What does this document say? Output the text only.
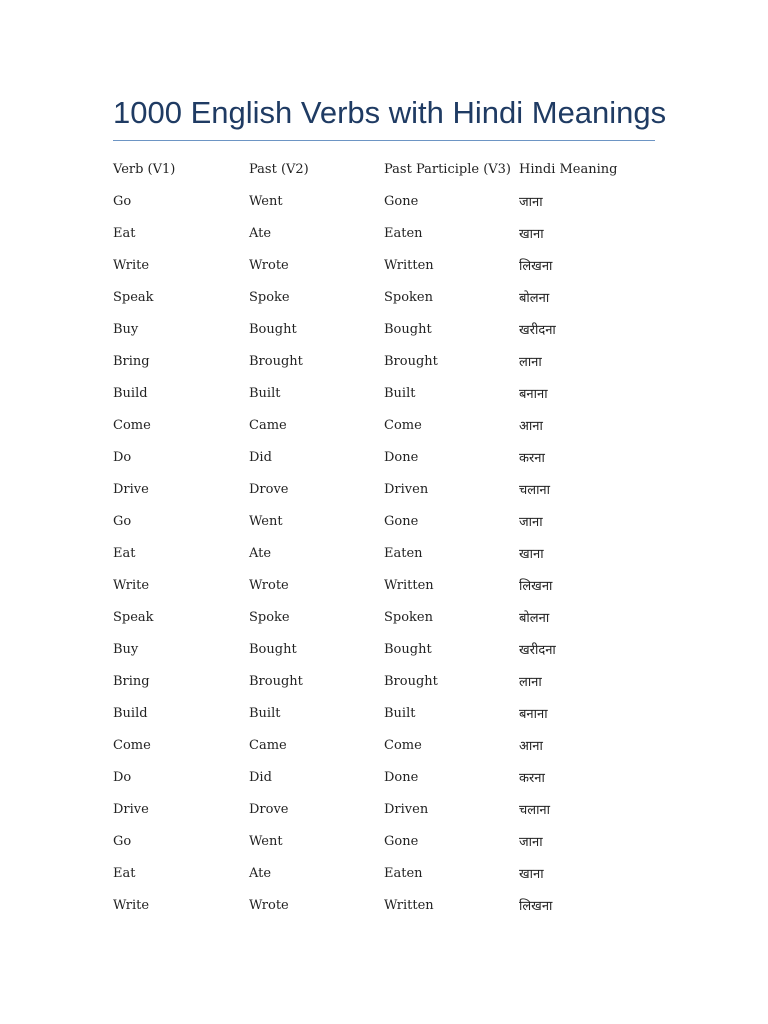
1000 English Verbs with Hindi Meanings
Verb (V1)	Past (V2)	Past Participle (V3)	Hindi Meaning
Go	Went	Gone	जाना
Eat	Ate	Eaten	खाना
Write	Wrote	Written	लिखना
Speak	Spoke	Spoken	बोलना
Buy	Bought	Bought	खरीदना
Bring	Brought	Brought	लाना
Build	Built	Built	बनाना
Come	Came	Come	आना
Do	Did	Done	करना
Drive	Drove	Driven	चलाना
Go	Went	Gone	जाना
Eat	Ate	Eaten	खाना
Write	Wrote	Written	लिखना
Speak	Spoke	Spoken	बोलना
Buy	Bought	Bought	खरीदना
Bring	Brought	Brought	लाना
Build	Built	Built	बनाना
Come	Came	Come	आना
Do	Did	Done	करना
Drive	Drove	Driven	चलाना
Go	Went	Gone	जाना
Eat	Ate	Eaten	खाना
Write	Wrote	Written	लिखना
